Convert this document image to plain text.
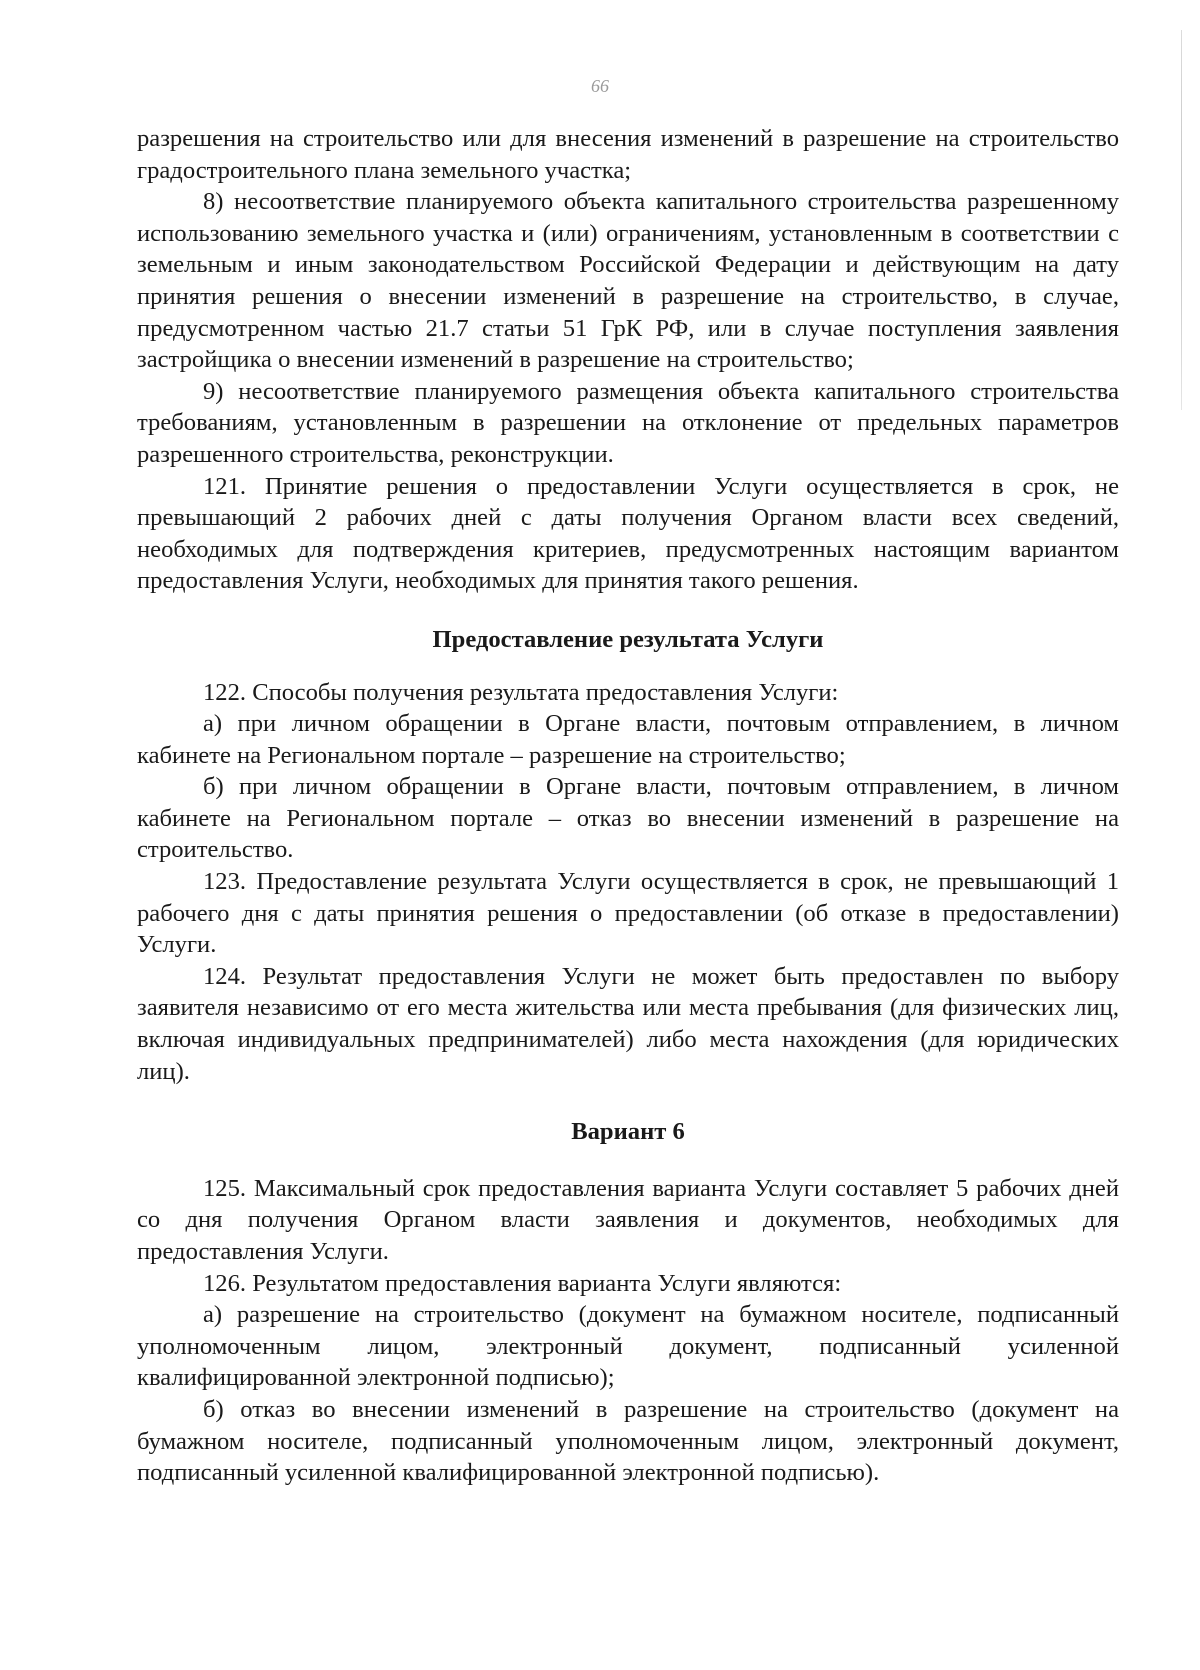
66

разрешения на строительство или для внесения изменений в разрешение на строительство градостроительного плана земельного участка;

8) несоответствие планируемого объекта капитального строительства разрешенному использованию земельного участка и (или) ограничениям, установленным в соответствии с земельным и иным законодательством Российской Федерации и действующим на дату принятия решения о внесении изменений в разрешение на строительство, в случае, предусмотренном частью 21.7 статьи 51 ГрК РФ, или в случае поступления заявления застройщика о внесении изменений в разрешение на строительство;

9) несоответствие планируемого размещения объекта капитального строительства требованиям, установленным в разрешении на отклонение от предельных параметров разрешенного строительства, реконструкции.

121. Принятие решения о предоставлении Услуги осуществляется в срок, не превышающий 2 рабочих дней с даты получения Органом власти всех сведений, необходимых для подтверждения критериев, предусмотренных настоящим вариантом предоставления Услуги, необходимых для принятия такого решения.

Предоставление результата Услуги

122. Способы получения результата предоставления Услуги:

а) при личном обращении в Органе власти, почтовым отправлением, в личном кабинете на Региональном портале – разрешение на строительство;

б) при личном обращении в Органе власти, почтовым отправлением, в личном кабинете на Региональном портале – отказ во внесении изменений в разрешение на строительство.

123. Предоставление результата Услуги осуществляется в срок, не превышающий 1 рабочего дня с даты принятия решения о предоставлении (об отказе в предоставлении) Услуги.

124. Результат предоставления Услуги не может быть предоставлен по выбору заявителя независимо от его места жительства или места пребывания (для физических лиц, включая индивидуальных предпринимателей) либо места нахождения (для юридических лиц).

Вариант 6

125. Максимальный срок предоставления варианта Услуги составляет 5 рабочих дней со дня получения Органом власти заявления и документов, необходимых для предоставления Услуги.

126. Результатом предоставления варианта Услуги являются:

а) разрешение на строительство (документ на бумажном носителе, подписанный уполномоченным лицом, электронный документ, подписанный усиленной квалифицированной электронной подписью);

б) отказ во внесении изменений в разрешение на строительство (документ на бумажном носителе, подписанный уполномоченным лицом, электронный документ, подписанный усиленной квалифицированной электронной подписью).
